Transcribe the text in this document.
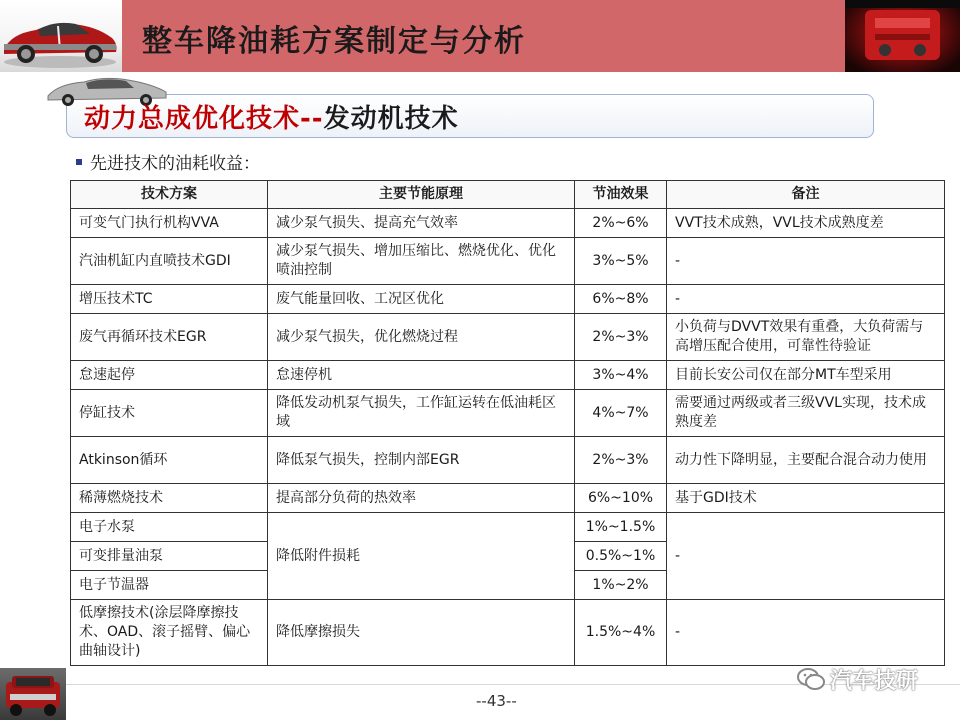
整车降油耗方案制定与分析
动力总成优化技术--发动机技术
先进技术的油耗收益：
技术方案	主要节能原理	节油效果	备注
可变气门执行机构VVA	减少泵气损失、提高充气效率	2%~6%	VVT技术成熟，VVL技术成熟度差
汽油机缸内直喷技术GDI	减少泵气损失、增加压缩比、燃烧优化、优化喷油控制	3%~5%	-
增压技术TC	废气能量回收、工况区优化	6%~8%	-
废气再循环技术EGR	减少泵气损失，优化燃烧过程	2%~3%	小负荷与DVVT效果有重叠，大负荷需与高增压配合使用，可靠性待验证
怠速起停	怠速停机	3%~4%	目前长安公司仅在部分MT车型采用
停缸技术	降低发动机泵气损失，工作缸运转在低油耗区域	4%~7%	需要通过两级或者三级VVL实现，技术成熟度差
Atkinson循环	降低泵气损失，控制内部EGR	2%~3%	动力性下降明显，主要配合混合动力使用
稀薄燃烧技术	提高部分负荷的热效率	6%~10%	基于GDI技术
电子水泵	降低附件损耗	1%~1.5%	-
可变排量油泵		0.5%~1%	
电子节温器		1%~2%	
低摩擦技术(涂层降摩擦技术、OAD、滚子摇臂、偏心曲轴设计)	降低摩擦损失	1.5%~4%	-
--43--
汽车技研
